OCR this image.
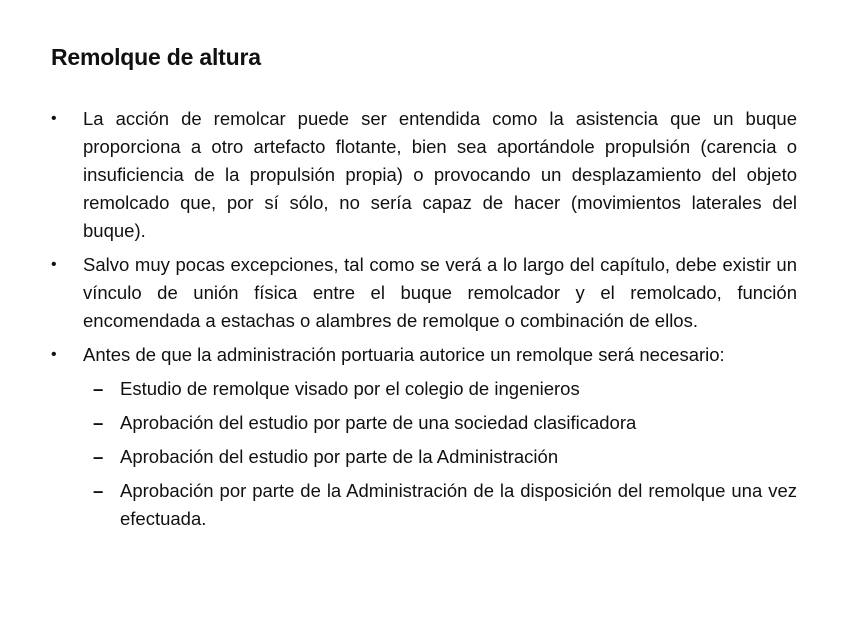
Remolque de altura
•	La acción de remolcar puede ser entendida como la asistencia que un buque proporciona a otro artefacto flotante, bien sea aportándole propulsión (carencia o insuficiencia de la propulsión propia) o provocando un desplazamiento del objeto remolcado que, por sí sólo, no sería capaz de hacer (movimientos laterales del buque).
•	Salvo muy pocas excepciones, tal como se verá a lo largo del capítulo, debe existir un vínculo de unión física entre el buque remolcador y el remolcado, función encomendada a estachas o alambres de remolque o combinación de ellos.
•	Antes de que la administración portuaria autorice un remolque será necesario:
– Estudio de remolque visado por el colegio de ingenieros
– Aprobación del estudio por parte de una sociedad clasificadora
– Aprobación del estudio por parte de la Administración
– Aprobación por parte de la Administración de la disposición del remolque una vez efectuada.
